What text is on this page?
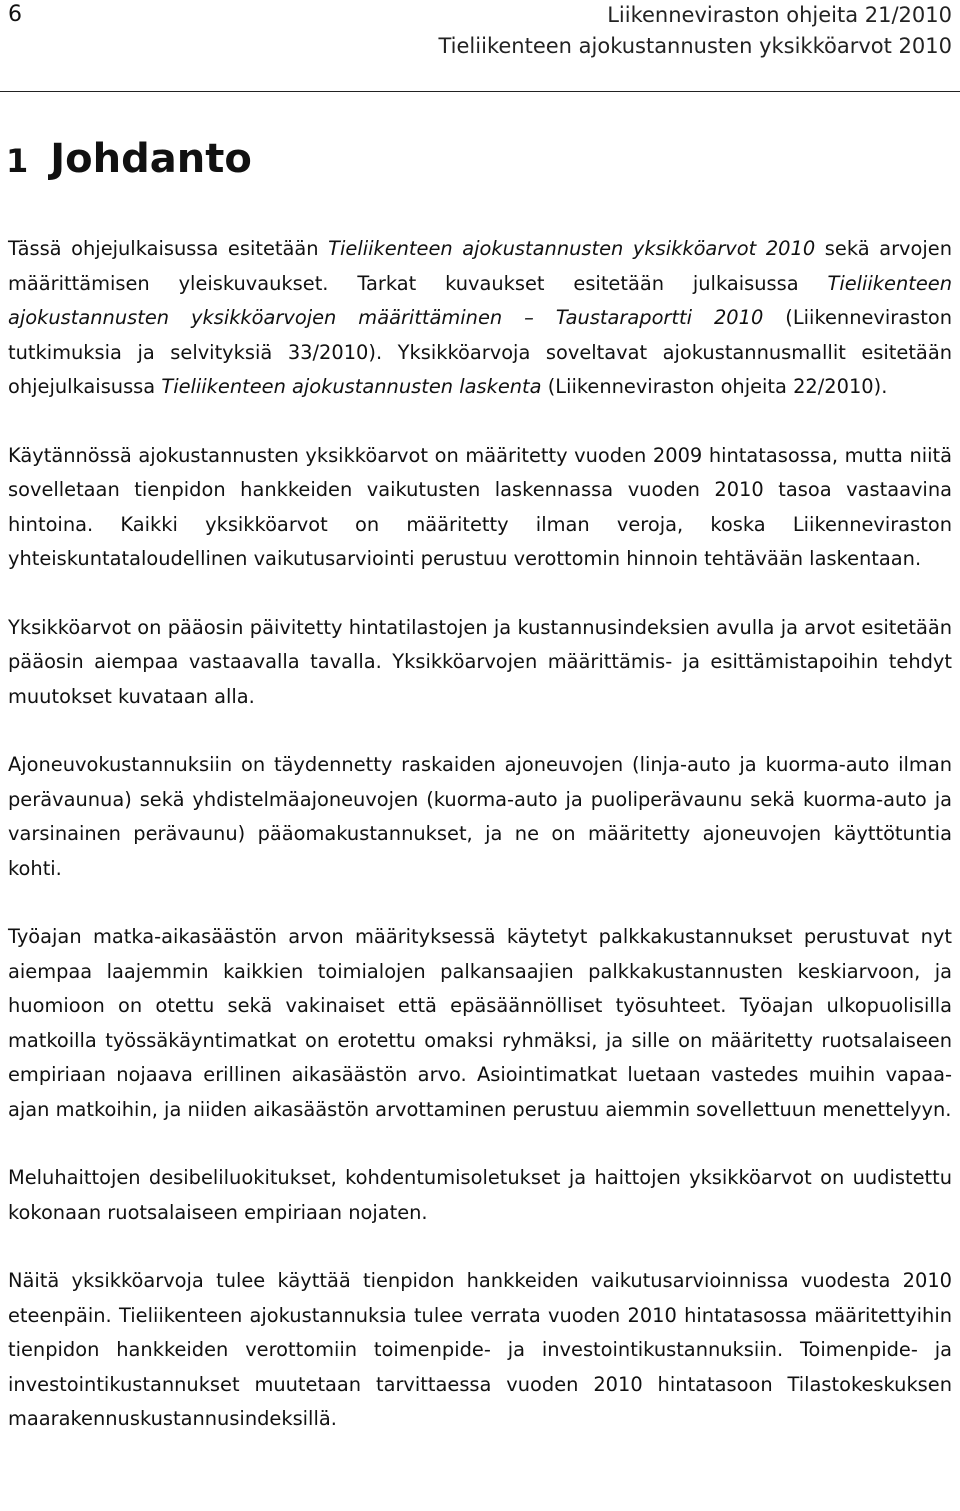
6	Liikenneviraston ohjeita 21/2010
Tieliikenteen ajokustannusten yksikköarvot 2010
1 Johdanto

Tässä ohjejulkaisussa esitetään Tieliikenteen ajokustannusten yksikköarvot 2010 sekä arvojen määrittämisen yleiskuvaukset. Tarkat kuvaukset esitetään julkaisussa Tieliikenteen ajokustannusten yksikköarvojen määrittäminen – Taustaraportti 2010 (Liikenneviraston tutkimuksia ja selvityksiä 33/2010). Yksikköarvoja soveltavat ajokustannusmallit esitetään ohjejulkaisussa Tieliikenteen ajokustannusten laskenta (Liikenneviraston ohjeita 22/2010).

Käytännössä ajokustannusten yksikköarvot on määritetty vuoden 2009 hintatasossa, mutta niitä sovelletaan tienpidon hankkeiden vaikutusten laskennassa vuoden 2010 tasoa vastaavina hintoina. Kaikki yksikköarvot on määritetty ilman veroja, koska Liikenneviraston yhteiskuntataloudellinen vaikutusarviointi perustuu verottomin hinnoin tehtävään laskentaan.

Yksikköarvot on pääosin päivitetty hintatilastojen ja kustannusindeksien avulla ja arvot esitetään pääosin aiempaa vastaavalla tavalla. Yksikköarvojen määrittämis- ja esittämistapoihin tehdyt muutokset kuvataan alla.

Ajoneuvokustannuksiin on täydennetty raskaiden ajoneuvojen (linja-auto ja kuorma-auto ilman perävaunua) sekä yhdistelmäajoneuvojen (kuorma-auto ja puoliperävaunu sekä kuorma-auto ja varsinainen perävaunu) pääomakustannukset, ja ne on määritetty ajoneuvojen käyttötuntia kohti.

Työajan matka-aikasäästön arvon määrityksessä käytetyt palkkakustannukset perustuvat nyt aiempaa laajemmin kaikkien toimialojen palkansaajien palkkakustannusten keskiarvoon, ja huomioon on otettu sekä vakinaiset että epäsäännölliset työsuhteet. Työajan ulkopuolisilla matkoilla työssäkäyntimatkat on erotettu omaksi ryhmäksi, ja sille on määritetty ruotsalaiseen empiriaan nojaava erillinen aikasäästön arvo. Asiointimatkat luetaan vastedes muihin vapaa-ajan matkoihin, ja niiden aikasäästön arvottaminen perustuu aiemmin sovellettuun menettelyyn.

Meluhaittojen desibeliluokitukset, kohdentumisoletukset ja haittojen yksikköarvot on uudistettu kokonaan ruotsalaiseen empiriaan nojaten.

Näitä yksikköarvoja tulee käyttää tienpidon hankkeiden vaikutusarvioinnissa vuodesta 2010 eteenpäin. Tieliikenteen ajokustannuksia tulee verrata vuoden 2010 hintatasossa määritettyihin tienpidon hankkeiden verottomiin toimenpide- ja investointikustannuksiin. Toimenpide- ja investointikustannukset muutetaan tarvittaessa vuoden 2010 hintatasoon Tilastokeskuksen maarakennuskustannusindeksillä.
